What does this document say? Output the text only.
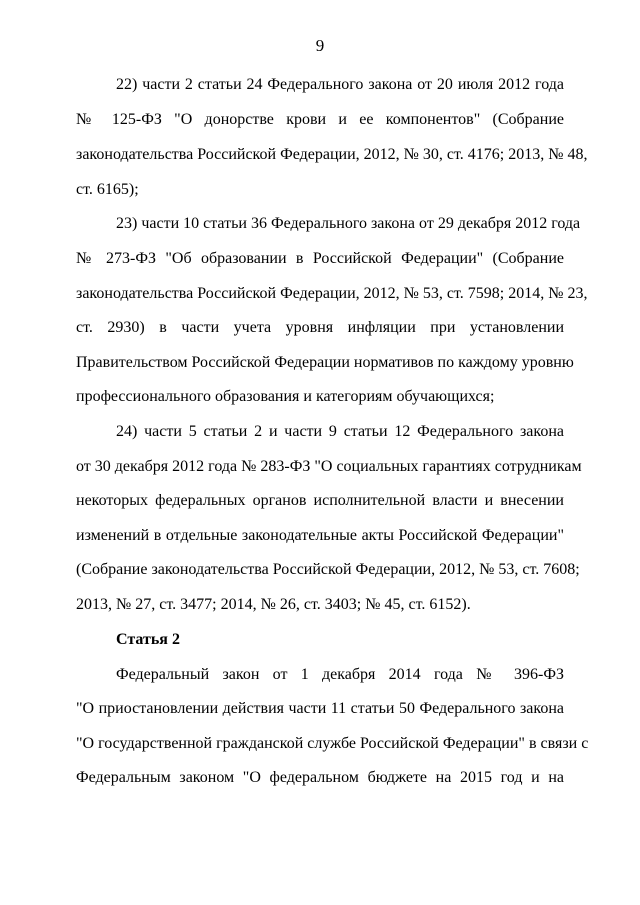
9
22) части 2 статьи 24 Федерального закона от 20 июля 2012 года
№ 125-ФЗ "О донорстве крови и ее компонентов" (Собрание
законодательства Российской Федерации, 2012, № 30, ст. 4176; 2013, № 48,
ст. 6165);
23) части 10 статьи 36 Федерального закона от 29 декабря 2012 года
№ 273-ФЗ "Об образовании в Российской Федерации" (Собрание
законодательства Российской Федерации, 2012, № 53, ст. 7598; 2014, № 23,
ст. 2930) в части учета уровня инфляции при установлении
Правительством Российской Федерации нормативов по каждому уровню
профессионального образования и категориям обучающихся;
24) части 5 статьи 2 и части 9 статьи 12 Федерального закона
от 30 декабря 2012 года № 283-ФЗ "О социальных гарантиях сотрудникам
некоторых федеральных органов исполнительной власти и внесении
изменений в отдельные законодательные акты Российской Федерации"
(Собрание законодательства Российской Федерации, 2012, № 53, ст. 7608;
2013, № 27, ст. 3477; 2014, № 26, ст. 3403; № 45, ст. 6152).
Статья 2
Федеральный закон от 1 декабря 2014 года № 396-ФЗ
"О приостановлении действия части 11 статьи 50 Федерального закона
"О государственной гражданской службе Российской Федерации" в связи с
Федеральным законом "О федеральном бюджете на 2015 год и на
